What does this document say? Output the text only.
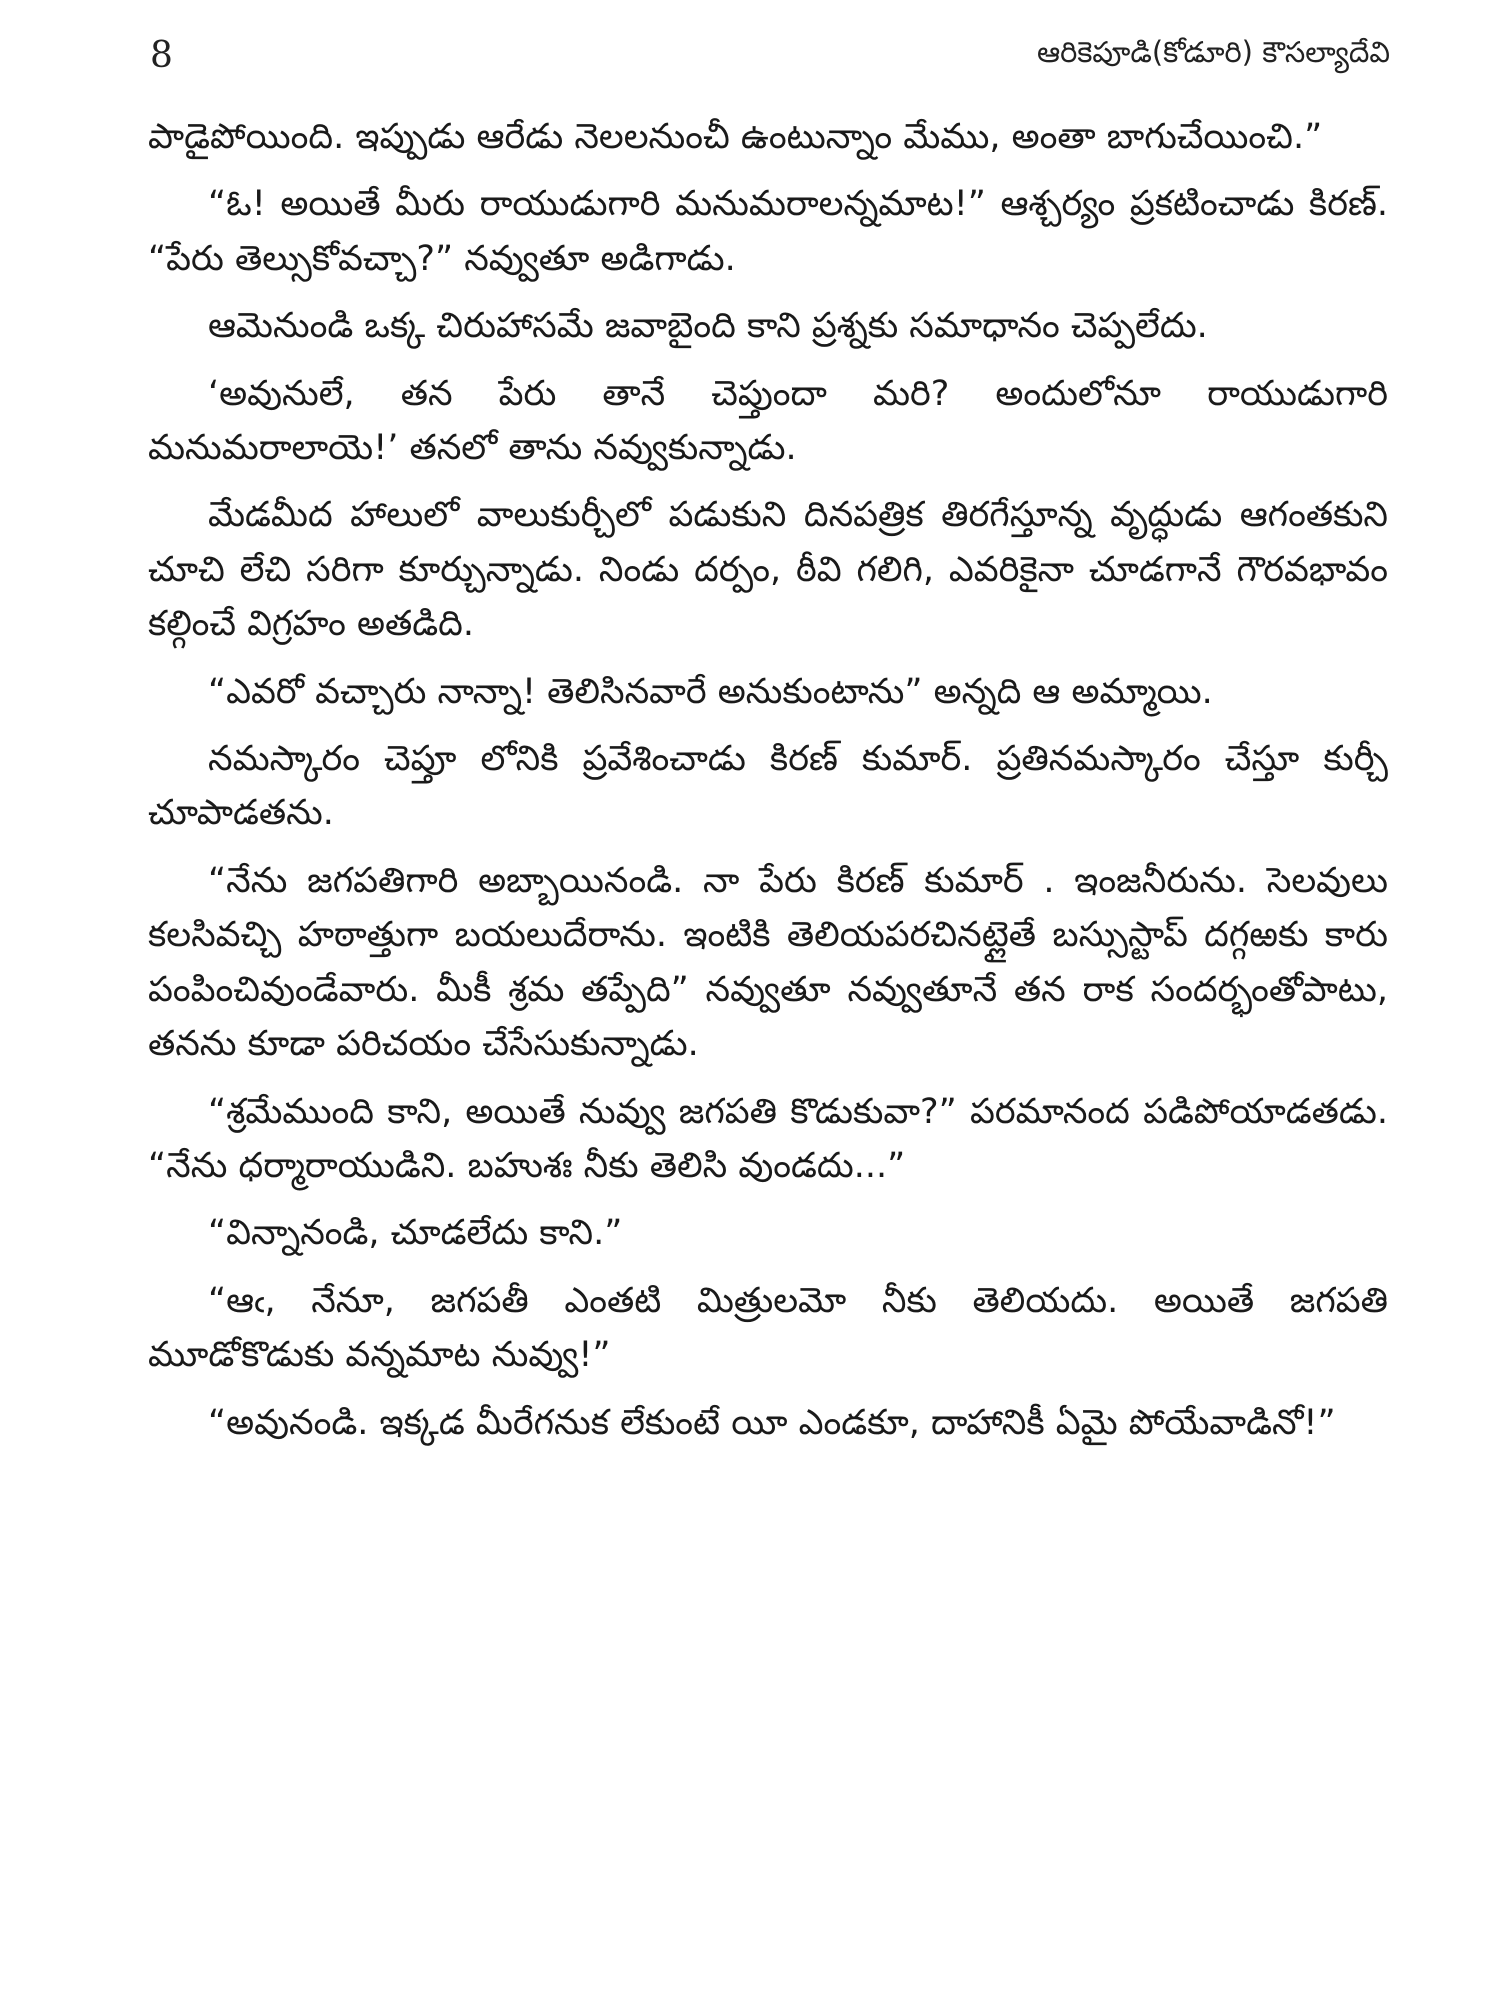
8	ఆరికెపూడి(కోడూరి) కౌసల్యాదేవి

పాడైపోయింది. ఇప్పుడు ఆరేడు నెలలనుంచీ ఉంటున్నాం మేము, అంతా బాగుచేయించి.”

“ఓ! అయితే మీరు రాయుడుగారి మనుమరాలన్నమాట!” ఆశ్చర్యం ప్రకటించాడు కిరణ్. “పేరు తెల్సుకోవచ్చా?” నవ్వుతూ అడిగాడు.

ఆమెనుండి ఒక్క చిరుహాసమే జవాబైంది కాని ప్రశ్నకు సమాధానం చెప్పలేదు.

‘అవునులే, తన పేరు తానే చెప్తుందా మరి? అందులోనూ రాయుడుగారి మనుమరాలాయె!’ తనలో తాను నవ్వుకున్నాడు.

మేడమీద హాలులో వాలుకుర్చీలో పడుకుని దినపత్రిక తిరగేస్తూన్న వృద్ధుడు ఆగంతకుని చూచి లేచి సరిగా కూర్చున్నాడు. నిండు దర్పం, ఠీవి గలిగి, ఎవరికైనా చూడగానే గౌరవభావం కల్గించే విగ్రహం అతడిది.

“ఎవరో వచ్చారు నాన్నా! తెలిసినవారే అనుకుంటాను” అన్నది ఆ అమ్మాయి.

నమస్కారం చెప్తూ లోనికి ప్రవేశించాడు కిరణ్ కుమార్. ప్రతినమస్కారం చేస్తూ కుర్చీ చూపాడతను.

“నేను జగపతిగారి అబ్బాయినండి. నా పేరు కిరణ్ కుమార్ . ఇంజనీరును. సెలవులు కలసివచ్చి హఠాత్తుగా బయలుదేరాను. ఇంటికి తెలియపరచినట్లైతే బస్సుస్టాప్ దగ్గఱకు కారు పంపించివుండేవారు. మీకీ శ్రమ తప్పేది” నవ్వుతూ నవ్వుతూనే తన రాక సందర్భంతోపాటు, తనను కూడా పరిచయం చేసేసుకున్నాడు.

“శ్రమేముంది కాని, అయితే నువ్వు జగపతి కొడుకువా?” పరమానంద పడిపోయాడతడు. “నేను ధర్మారాయుడిని. బహుశః నీకు తెలిసి వుండదు...”

“విన్నానండి, చూడలేదు కాని.”

“ఆఁ, నేనూ, జగపతీ ఎంతటి మిత్రులమో నీకు తెలియదు. అయితే జగపతి మూడోకొడుకు వన్నమాట నువ్వు!”

“అవునండి. ఇక్కడ మీరేగనుక లేకుంటే యీ ఎండకూ, దాహానికీ ఏమై పోయేవాడినో!”
